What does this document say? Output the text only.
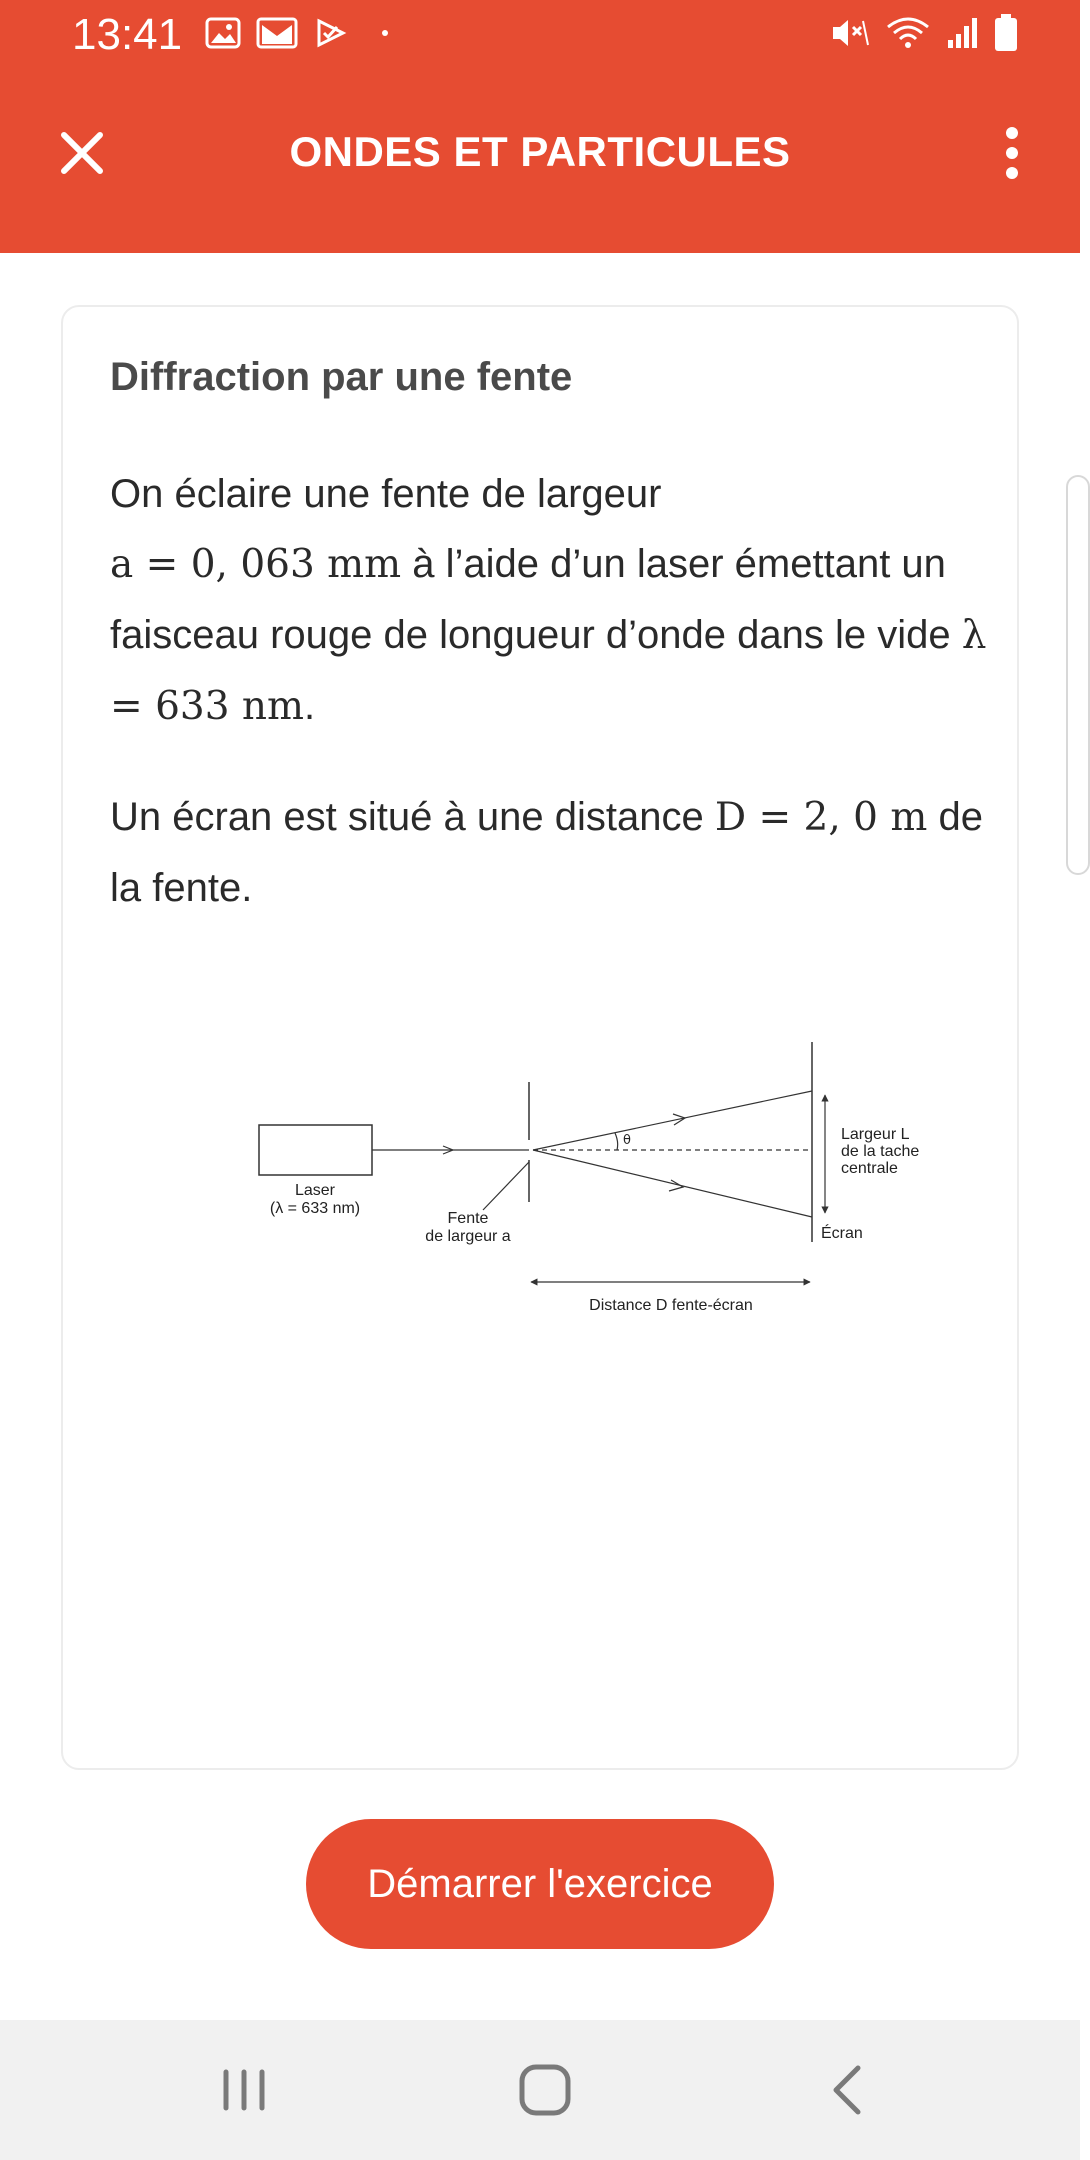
13:41
ONDES ET PARTICULES
Diffraction par une fente
On éclaire une fente de largeur
a = 0, 063 mm à l’aide d’un laser émettant un faisceau rouge de longueur d’onde dans le vide λ = 633 nm.
Un écran est situé à une distance D = 2, 0 m de la fente.
θ
Laser
(λ = 633 nm)
Fente
de largeur a
Largeur L
de la tache
centrale
Écran
Distance D fente-écran
Démarrer l'exercice
